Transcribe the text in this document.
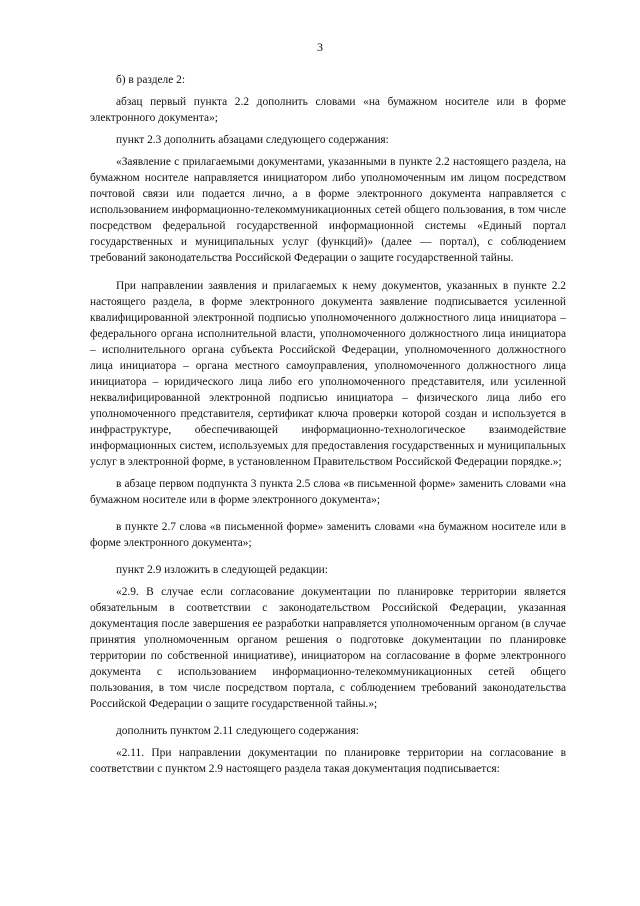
3

б) в разделе 2:

абзац первый пункта 2.2 дополнить словами «на бумажном носителе или в форме электронного документа»;

пункт 2.3 дополнить абзацами следующего содержания:

«Заявление с прилагаемыми документами, указанными в пункте 2.2 настоящего раздела, на бумажном носителе направляется инициатором либо уполномоченным им лицом посредством почтовой связи или подается лично, а в форме электронного документа направляется с использованием информационно-телекоммуникационных сетей общего пользования, в том числе посредством федеральной государственной информационной системы «Единый портал государственных и муниципальных услуг (функций)» (далее — портал), с соблюдением требований законодательства Российской Федерации о защите государственной тайны.

При направлении заявления и прилагаемых к нему документов, указанных в пункте 2.2 настоящего раздела, в форме электронного документа заявление подписывается усиленной квалифицированной электронной подписью уполномоченного должностного лица инициатора – федерального органа исполнительной власти, уполномоченного должностного лица инициатора – исполнительного органа субъекта Российской Федерации, уполномоченного должностного лица инициатора – органа местного самоуправления, уполномоченного должностного лица инициатора – юридического лица либо его уполномоченного представителя, или усиленной неквалифицированной электронной подписью инициатора – физического лица либо его уполномоченного представителя, сертификат ключа проверки которой создан и используется в инфраструктуре, обеспечивающей информационно-технологическое взаимодействие информационных систем, используемых для предоставления государственных и муниципальных услуг в электронной форме, в установленном Правительством Российской Федерации порядке.»;

в абзаце первом подпункта 3 пункта 2.5 слова «в письменной форме» заменить словами «на бумажном носителе или в форме электронного документа»;

в пункте 2.7 слова «в письменной форме» заменить словами «на бумажном носителе или в форме электронного документа»;

пункт 2.9 изложить в следующей редакции:

«2.9. В случае если согласование документации по планировке территории является обязательным в соответствии с законодательством Российской Федерации, указанная документация после завершения ее разработки направляется уполномоченным органом (в случае принятия уполномоченным органом решения о подготовке документации по планировке территории по собственной инициативе), инициатором на согласование в форме электронного документа с использованием информационно-телекоммуникационных сетей общего пользования, в том числе посредством портала, с соблюдением требований законодательства Российской Федерации о защите государственной тайны.»;

дополнить пунктом 2.11 следующего содержания:

«2.11. При направлении документации по планировке территории на согласование в соответствии с пунктом 2.9 настоящего раздела такая документация подписывается:
